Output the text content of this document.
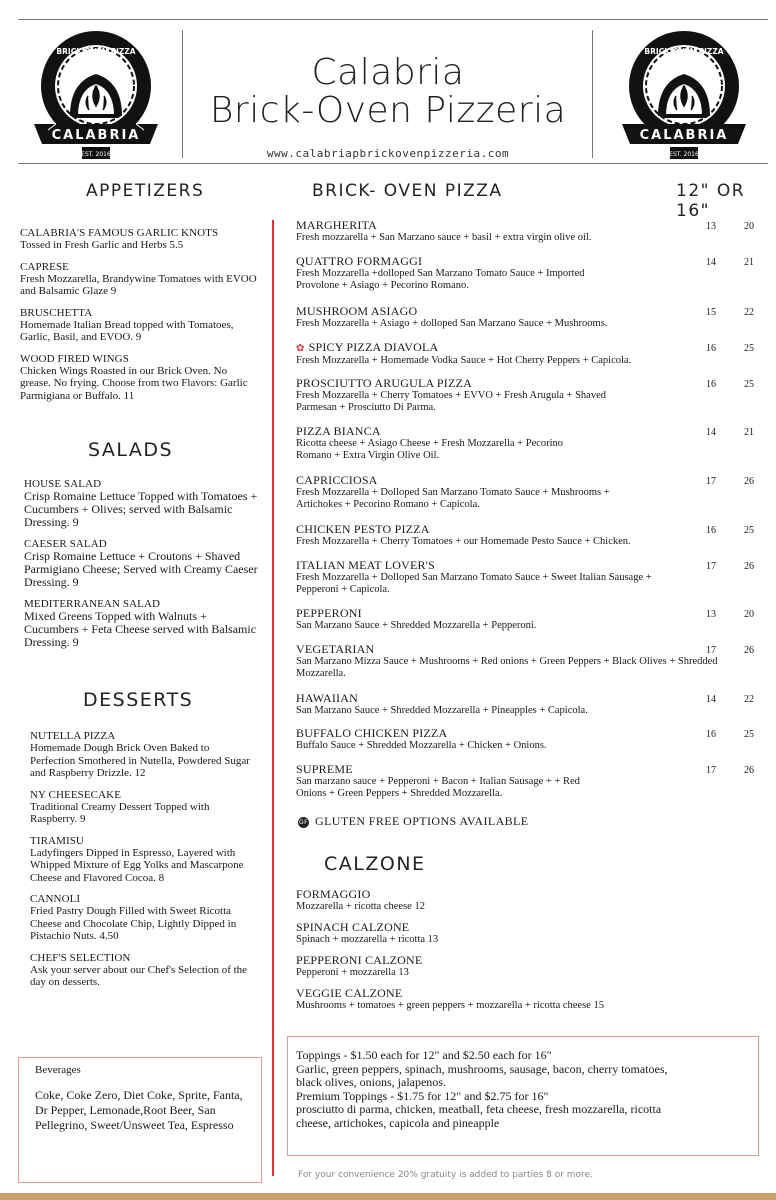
CALABRIA
BRICK OVEN PIZZA
EST. 2016
CALABRIA
BRICK OVEN PIZZA
EST. 2016
Calabria
Brick-Oven Pizzeria
www.calabriapbrickovenpizzeria.com
APPETIZERS
CALABRIA'S FAMOUS GARLIC KNOTS
Tossed in Fresh Garlic and Herbs 5.5
CAPRESE
Fresh Mozzarella, Brandywine Tomatoes with EVOO and Balsamic Glaze 9
BRUSCHETTA
Homemade Italian Bread topped with Tomatoes, Garlic, Basil, and EVOO. 9
WOOD FIRED WINGS
Chicken Wings Roasted in our Brick Oven. No grease. No frying. Choose from two Flavors: Garlic Parmigiana or Buffalo. 11
SALADS
HOUSE SALAD
Crisp Romaine Lettuce Topped with Tomatoes + Cucumbers + Olives; served with Balsamic Dressing. 9
CAESER SALAD
Crisp Romaine Lettuce + Croutons + Shaved Parmigiano Cheese; Served with Creamy Caeser Dressing. 9
MEDITERRANEAN SALAD
Mixed Greens Topped with Walnuts + Cucumbers + Feta Cheese served with Balsamic Dressing. 9
DESSERTS
NUTELLA PIZZA
Homemade Dough Brick Oven Baked to Perfection Smothered in Nutella, Powdered Sugar and Raspberry Drizzle. 12
NY CHEESECAKE
Traditional Creamy Dessert Topped with Raspberry. 9
TIRAMISU
Ladyfingers Dipped in Espresso, Layered with Whipped Mixture of Egg Yolks and Mascarpone Cheese and Flavored Cocoa. 8
CANNOLI
Fried Pastry Dough Filled with Sweet Ricotta Cheese and Chocolate Chip, Lightly Dipped in Pistachio Nuts. 4.50
CHEF'S SELECTION
Ask your server about our Chef's Selection of the day on desserts.
Beverages
Coke, Coke Zero, Diet Coke, Sprite, Fanta, Dr Pepper, Lemonade,Root Beer, San Pellegrino, Sweet/Unsweet Tea, Espresso
BRICK- OVEN PIZZA	12" OR 16"
MARGHERITA
Fresh mozzarella + San Marzano sauce + basil + extra virgin olive oil.
13	20
QUATTRO FORMAGGI
Fresh Mozzarella +dolloped San Marzano Tomato Sauce + Imported Provolone + Asiago + Pecorino Romano.
14	21
MUSHROOM ASIAGO
Fresh Mozzarella + Asiago + dolloped San Marzano Sauce + Mushrooms.
15	22
✿ SPICY PIZZA DIAVOLA
Fresh Mozzarella + Homemade Vodka Sauce + Hot Cherry Peppers + Capicola.
16	25
PROSCIUTTO ARUGULA PIZZA
Fresh Mozzarella + Cherry Tomatoes + EVVO + Fresh Arugula + Shaved Parmesan + Prosciutto Di Parma.
16	25
PIZZA BIANCA
Ricotta cheese + Asiago Cheese + Fresh Mozzarella + Pecorino Romano + Extra Virgin Olive Oil.
14	21
CAPRICCIOSA
Fresh Mozzarella + Dolloped San Marzano Tomato Sauce + Mushrooms + Artichokes + Pecorino Romano + Capicola.
17	26
CHICKEN PESTO PIZZA
Fresh Mozzarella + Cherry Tomatoes + our Homemade Pesto Sauce + Chicken.
16	25
ITALIAN MEAT LOVER'S
Fresh Mozzarella + Dolloped San Marzano Tomato Sauce + Sweet Italian Sausage + Pepperoni + Capicola.
17	26
PEPPERONI
San Marzano Sauce + Shredded Mozzarella + Pepperoni.
13	20
VEGETARIAN
San Marzano Mizza Sauce + Mushrooms + Red onions + Green Peppers + Black Olives + Shredded Mozzarella.
17	26
HAWAIIAN
San Marzano Sauce + Shredded Mozzarella + Pineapples + Capicola.
14	22
BUFFALO CHICKEN PIZZA
Buffalo Sauce + Shredded Mozzarella + Chicken + Onions.
16	25
SUPREME
San marzano sauce + Pepperoni + Bacon + Italian Sausage + + Red Onions + Green Peppers + Shredded Mozzarella.
17	26
GF GLUTEN FREE OPTIONS AVAILABLE
CALZONE
FORMAGGIO
Mozzarella + ricotta cheese 12
SPINACH CALZONE
Spinach + mozzarella + ricotta 13
PEPPERONI CALZONE
Pepperoni + mozzarella 13
VEGGIE CALZONE
Mushrooms + tomatoes + green peppers + mozzarella + ricotta cheese 15
Toppings - $1.50 each for 12" and $2.50 each for 16"
Garlic, green peppers, spinach, mushrooms, sausage, bacon, cherry tomatoes, black olives, onions, jalapenos.
Premium Toppings - $1.75 for 12" and $2.75 for 16"
prosciutto di parma, chicken, meatball, feta cheese, fresh mozzarella, ricotta cheese, artichokes, capicola and pineapple
For your convenience 20% gratuity is added to parties 8 or more.
